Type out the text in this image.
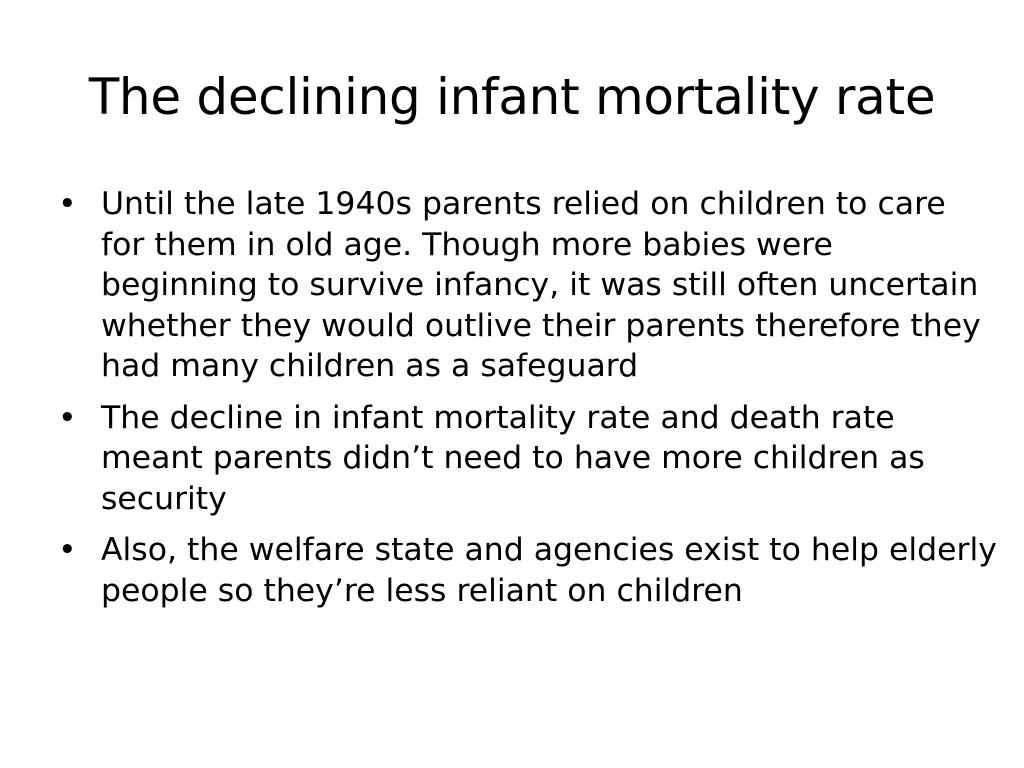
The declining infant mortality rate
• Until the late 1940s parents relied on children to care for them in old age. Though more babies were beginning to survive infancy, it was still often uncertain whether they would outlive their parents therefore they had many children as a safeguard
• The decline in infant mortality rate and death rate meant parents didn’t need to have more children as security
• Also, the welfare state and agencies exist to help elderly people so they’re less reliant on children
